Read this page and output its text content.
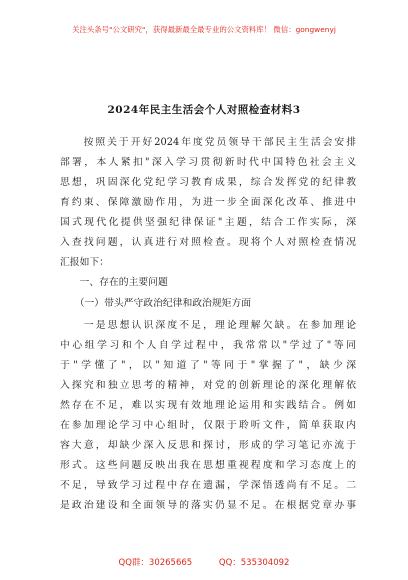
关注头条号"公文研究"，获得最新最全最专业的公文资料库！ 微信：gongwenyj
2024年民主生活会个人对照检查材料3
　　按照关于开好2024年度党员领导干部民主生活会安排
部署，本人紧扣"深入学习贯彻新时代中国特色社会主义
思想，巩固深化党纪学习教育成果，综合发挥党的纪律教
育约束、保障激励作用，为进一步全面深化改革、推进中
国式现代化提供坚强纪律保证"主题，结合工作实际，深
入查找问题，认真进行对照检查。现将个人对照检查情况
汇报如下：
　　一、存在的主要问题
　　（一）带头严守政治纪律和政治规矩方面
　　一是思想认识深度不足，理论理解欠缺。在参加理论
中心组学习和个人自学过程中，我常常以"学过了"等同
于"学懂了"，以"知道了"等同于"掌握了"，缺少深
入探究和独立思考的精神，对党的创新理论的深化理解依
然存在不足，难以实现有效地理论运用和实践结合。例如
在参加理论学习中心组时，仅限于聆听文件，简单获取内
容大意，却缺少深入反思和探讨，形成的学习笔记亦流于
形式。这些问题反映出我在思想重视程度和学习态度上的
不足，导致学习过程中存在遗漏，学深悟透尚有不足。二
是政治建设和全面领导的落实仍显不足。在根据党章办事
QQ群：30265665	QQ：535304092
